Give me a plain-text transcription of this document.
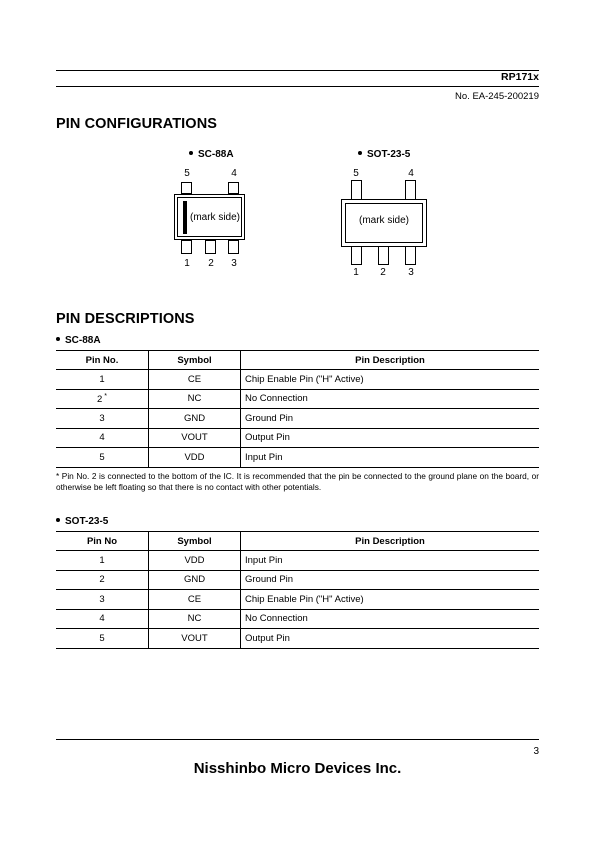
RP171x
No. EA-245-200219
PIN CONFIGURATIONS
SC-88A
5	4
(mark side)
1	2	3
SOT-23-5
5	4
(mark side)
1	2	3
PIN DESCRIPTIONS
SC-88A
Pin No.	Symbol	Pin Description
1	CE	Chip Enable Pin ("H" Active)
2 *	NC	No Connection
3	GND	Ground Pin
4	VOUT	Output Pin
5	VDD	Input Pin
* Pin No. 2 is connected to the bottom of the IC. It is recommended that the pin be connected to the ground plane on the board, or otherwise be left floating so that there is no contact with other potentials.
SOT-23-5
Pin No	Symbol	Pin Description
1	VDD	Input Pin
2	GND	Ground Pin
3	CE	Chip Enable Pin ("H" Active)
4	NC	No Connection
5	VOUT	Output Pin
3
Nisshinbo Micro Devices Inc.
